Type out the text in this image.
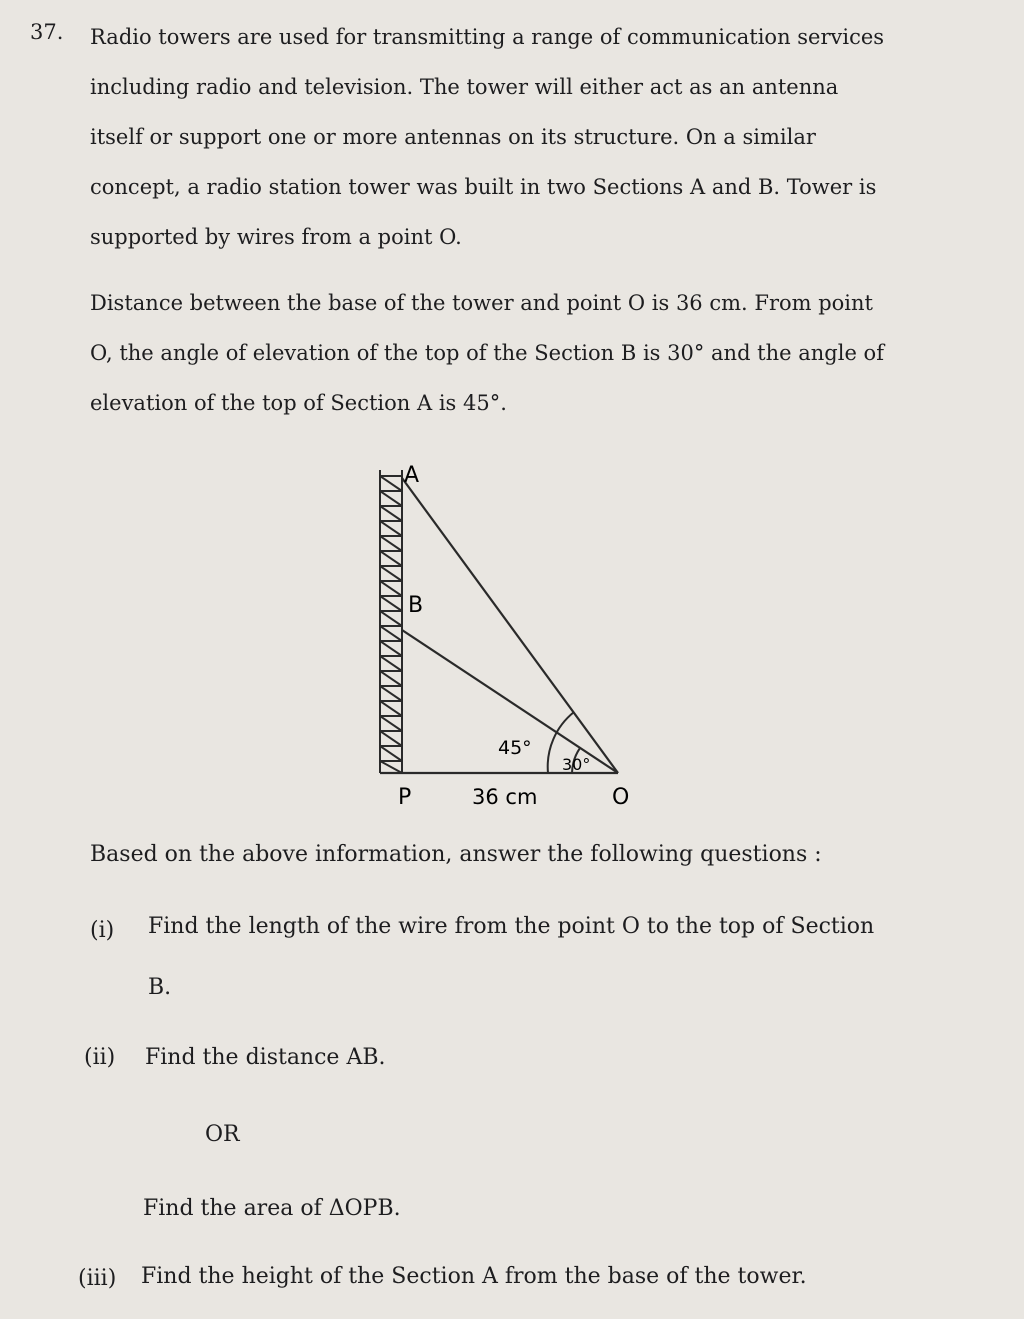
37. Radio towers are used for transmitting a range of communication services
including radio and television. The tower will either act as an antenna
itself or support one or more antennas on its structure. On a similar
concept, a radio station tower was built in two Sections A and B. Tower is
supported by wires from a point O.

Distance between the base of the tower and point O is 36 cm. From point
O, the angle of elevation of the top of the Section B is 30° and the angle of
elevation of the top of Section A is 45°.

A
B
P	O
36 cm
45°
30°
Based on the above information, answer the following questions :
(i) Find the length of the wire from the point O to the top of Section
B.
(ii) Find the distance AB.
OR
Find the area of ΔOPB.
(iii) Find the height of the Section A from the base of the tower.
